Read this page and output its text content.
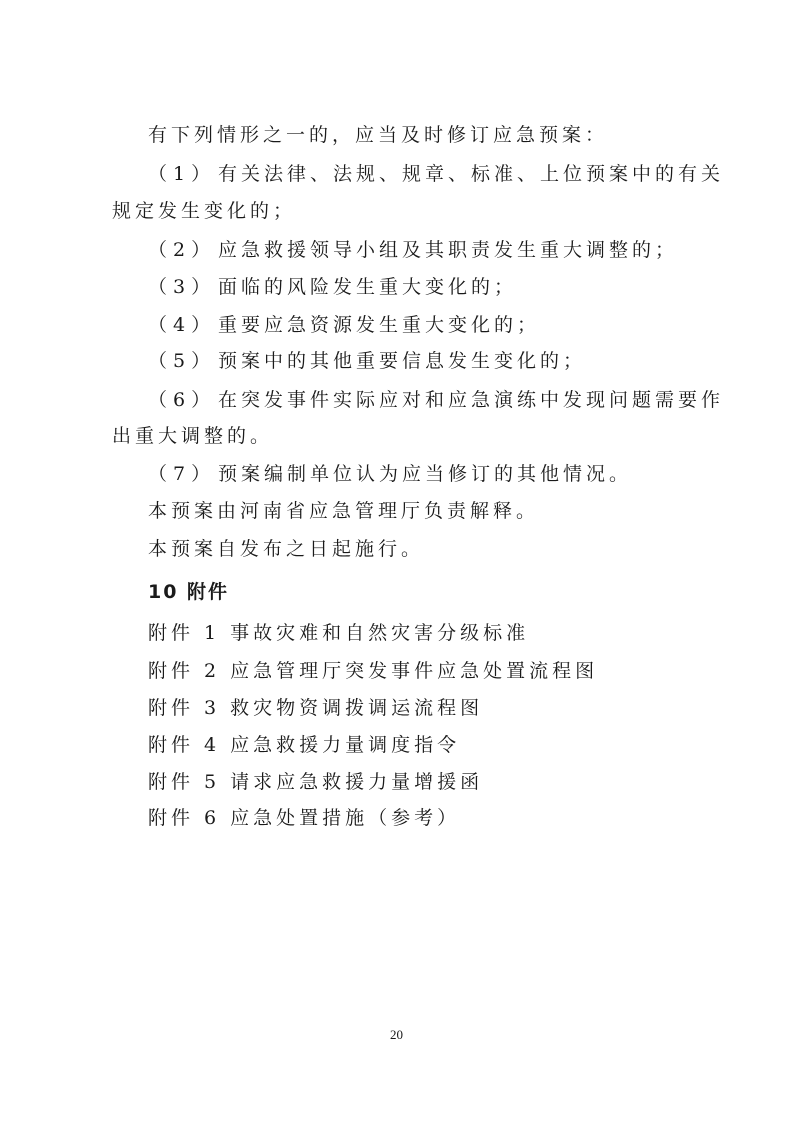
有下列情形之一的，应当及时修订应急预案：
（1） 有关法律、法规、规章、标准、上位预案中的有关
规定发生变化的；
（2） 应急救援领导小组及其职责发生重大调整的；
（3） 面临的风险发生重大变化的；
（4） 重要应急资源发生重大变化的；
（5） 预案中的其他重要信息发生变化的；
（6） 在突发事件实际应对和应急演练中发现问题需要作
出重大调整的。
（7） 预案编制单位认为应当修订的其他情况。
本预案由河南省应急管理厅负责解释。
本预案自发布之日起施行。
10 附件
附件 1 事故灾难和自然灾害分级标准
附件 2 应急管理厅突发事件应急处置流程图
附件 3 救灾物资调拨调运流程图
附件 4 应急救援力量调度指令
附件 5 请求应急救援力量增援函
附件 6 应急处置措施（参考）
20
